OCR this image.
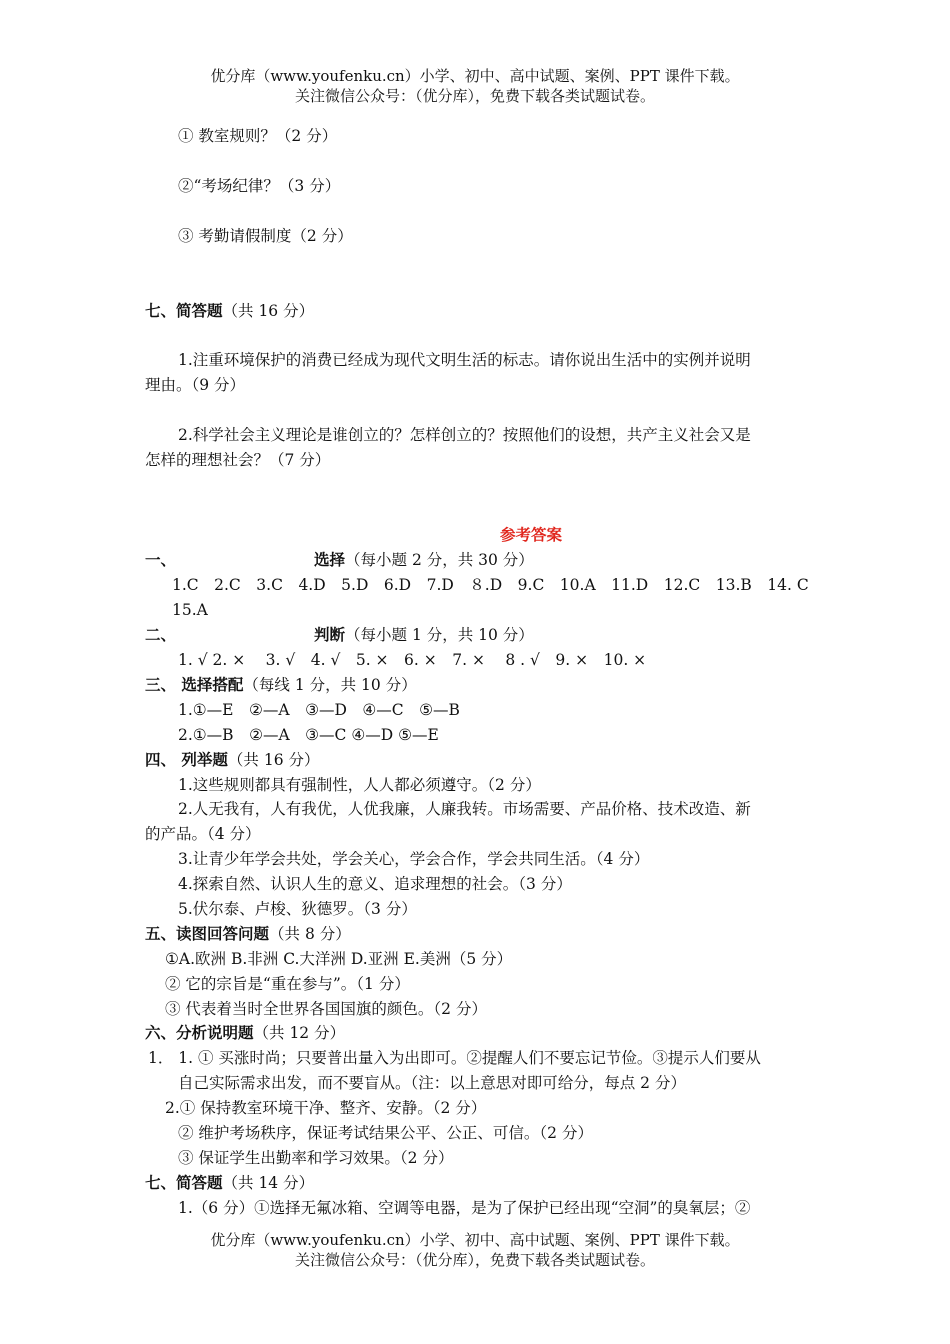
优分库（www.youfenku.cn）小学、初中、高中试题、案例、PPT 课件下载。
关注微信公众号：（优分库），免费下载各类试题试卷。
① 教室规则？（2 分）
②“考场纪律？（3 分）
③ 考勤请假制度（2 分）
七、简答题（共 16 分）
1.注重环境保护的消费已经成为现代文明生活的标志。请你说出生活中的实例并说明
理由。（9 分）
2.科学社会主义理论是谁创立的？怎样创立的？按照他们的设想，共产主义社会又是
怎样的理想社会？（7 分）
参考答案
一、	选择（每小题 2 分，共 30 分）
1.C　2.C　3.C　4.D　5.D　6.D　7.D　８.D　9.C　10.A　11.D　12.C　13.B　14. C
15.A
二、	判断（每小题 1 分，共 10 分）
1. √ 2. ×　 3. √　4. √　5. ×　6. ×　7. ×　 8 . √　9. ×　10. ×
三、 选择搭配（每线 1 分，共 10 分）
1.①—E　②—A　③—D　④—C　⑤—B
2.①—B　②—A　③—C ④—D ⑤—E
四、 列举题（共 16 分）
1.这些规则都具有强制性，人人都必须遵守。（2 分）
2.人无我有，人有我优，人优我廉，人廉我转。市场需要、产品价格、技术改造、新
的产品。（4 分）
3.让青少年学会共处，学会关心，学会合作，学会共同生活。（4 分）
4.探索自然、认识人生的意义、追求理想的社会。（3 分）
5.伏尔泰、卢梭、狄德罗。（3 分）
五、读图回答问题（共 8 分）
①A.欧洲 B.非洲 C.大洋洲 D.亚洲 E.美洲（5 分）
② 它的宗旨是“重在参与”。（1 分）
③ 代表着当时全世界各国国旗的颜色。（2 分）
六、分析说明题（共 12 分）
1． 1. ① 买涨时尚；只要普出量入为出即可。②提醒人们不要忘记节俭。③提示人们要从
自己实际需求出发，而不要盲从。（注：以上意思对即可给分，每点 2 分）
2.① 保持教室环境干净、整齐、安静。（2 分）
② 维护考场秩序，保证考试结果公平、公正、可信。（2 分）
③ 保证学生出勤率和学习效果。（2 分）
七、简答题（共 14 分）
1.（6 分）①选择无氟冰箱、空调等电器，是为了保护已经出现“空洞”的臭氧层；②
优分库（www.youfenku.cn）小学、初中、高中试题、案例、PPT 课件下载。
关注微信公众号：（优分库），免费下载各类试题试卷。
